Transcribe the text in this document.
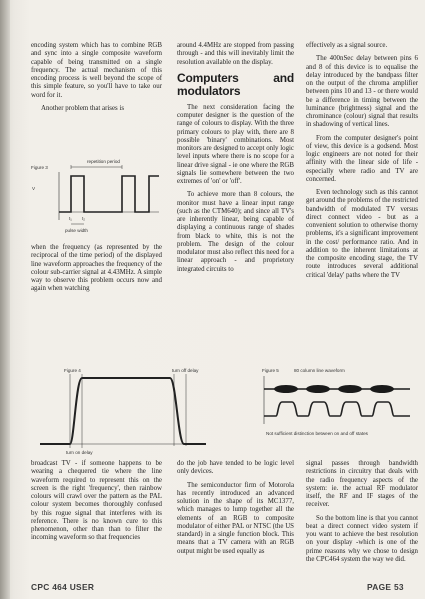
encoding system which has to combine RGB and sync into a single composite waveform capable of being transmitted on a single frequency. The actual mechanism of this encoding process is well beyond the scope of this simple feature, so you'll have to take our word for it.

Another problem that arises is

Figure 3
repetition period
V
t₁ t₂
pulse width

when the frequency (as represented by the reciprocal of the time period) of the displayed line waveform approaches the frequency of the colour sub-carrier signal at 4.43MHz. A simple way to observe this problem occurs now and again when watching

around 4.4MHz are stopped from passing through - and this will inevitably limit the resolution available on the display.

Computers and modulators

The next consideration facing the computer designer is the question of the range of colours to display. With the three primary colours to play with, there are 8 possible 'binary' combinations. Most monitors are designed to accept only logic level inputs where there is no scope for a linear drive signal - ie one where the RGB signals lie somewhere between the two extremes of 'on' or 'off'.

To achieve more than 8 colours, the monitor must have a linear input range (such as the CTM640); and since all TV's are inherently linear, being capable of displaying a continuous range of shades from black to white, this is not the problem. The design of the colour modulator must also reflect this need for a linear approach - and proprietory integrated circuits to

effectively as a signal source.

The 400nSec delay between pins 6 and 8 of this device is to equalise the delay introduced by the bandpass filter on the output of the chroma amplifier between pins 10 and 13 - or there would be a difference in timing between the luminance (brightness) signal and the chrominance (colour) signal that results in shadowing of vertical lines.

From the computer designer's point of view, this device is a godsend. Most logic engineers are not noted for their affinity with the linear side of life - especially where radio and TV are concerned.

Even technology such as this cannot get around the problems of the restricted bandwidth of modulated TV versus direct connect video - but as a convenient solution to otherwise thorny problems, it's a significant improvement in the cost/ performance ratio. And in addition to the inherent limitations at the composite encoding stage, the TV route introduces several additional critical 'delay' paths where the TV

Figure 4	turn off delay
turn on delay
Figure 5	80 column line waveform
Not sufficient distinction between on and off states

broadcast TV - if someone happens to be wearing a chequered tie where the line waveform required to represent this on the screen is the right 'frequency', then rainbow colours will crawl over the pattern as the PAL colour system becomes thoroughly confused by this rogue signal that interferes with its reference. There is no known cure to this phenomenon, other than than to filter the incoming waveform so that frequencies

do the job have tended to be logic level only devices.

The semiconductor firm of Motorola has recently introduced an advanced solution in the shape of its MC1377, which manages to lump together all the elements of an RGB to composite modulator of either PAL or NTSC (the US standard) in a single function block. This means that a TV camera with an RGB output might be used equally as

signal passes through bandwidth restrictions in circuitry that deals with the radio frequency aspects of the system: ie. the actual RF modulator itself, the RF and IF stages of the receiver.

So the bottom line is that you cannot beat a direct connect video system if you want to achieve the best resolution on your display -which is one of the prime reasons why we chose to design the CPC464 system the way we did.

CPC 464 USER	PAGE 53
